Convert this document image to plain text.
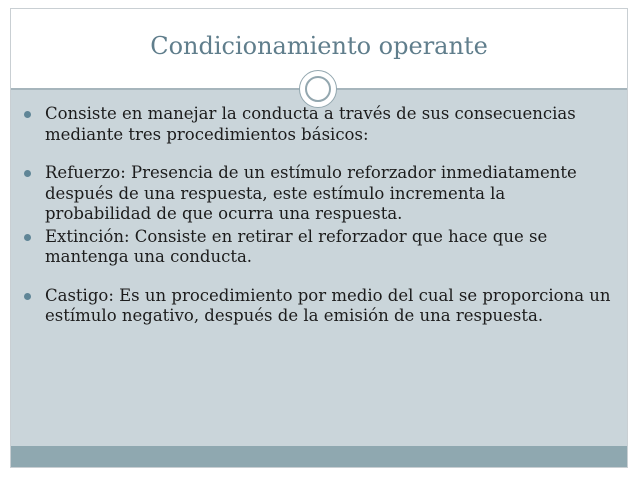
Condicionamiento operante
Consiste en manejar la conducta a través de sus consecuencias mediante tres procedimientos básicos:
Refuerzo: Presencia de un estímulo reforzador inmediatamente después de una respuesta, este estímulo incrementa la probabilidad de que ocurra una respuesta.
Extinción: Consiste en retirar el reforzador que hace que se mantenga una conducta.
Castigo: Es un procedimiento por medio del cual se proporciona un estímulo negativo, después de la emisión de una respuesta.
